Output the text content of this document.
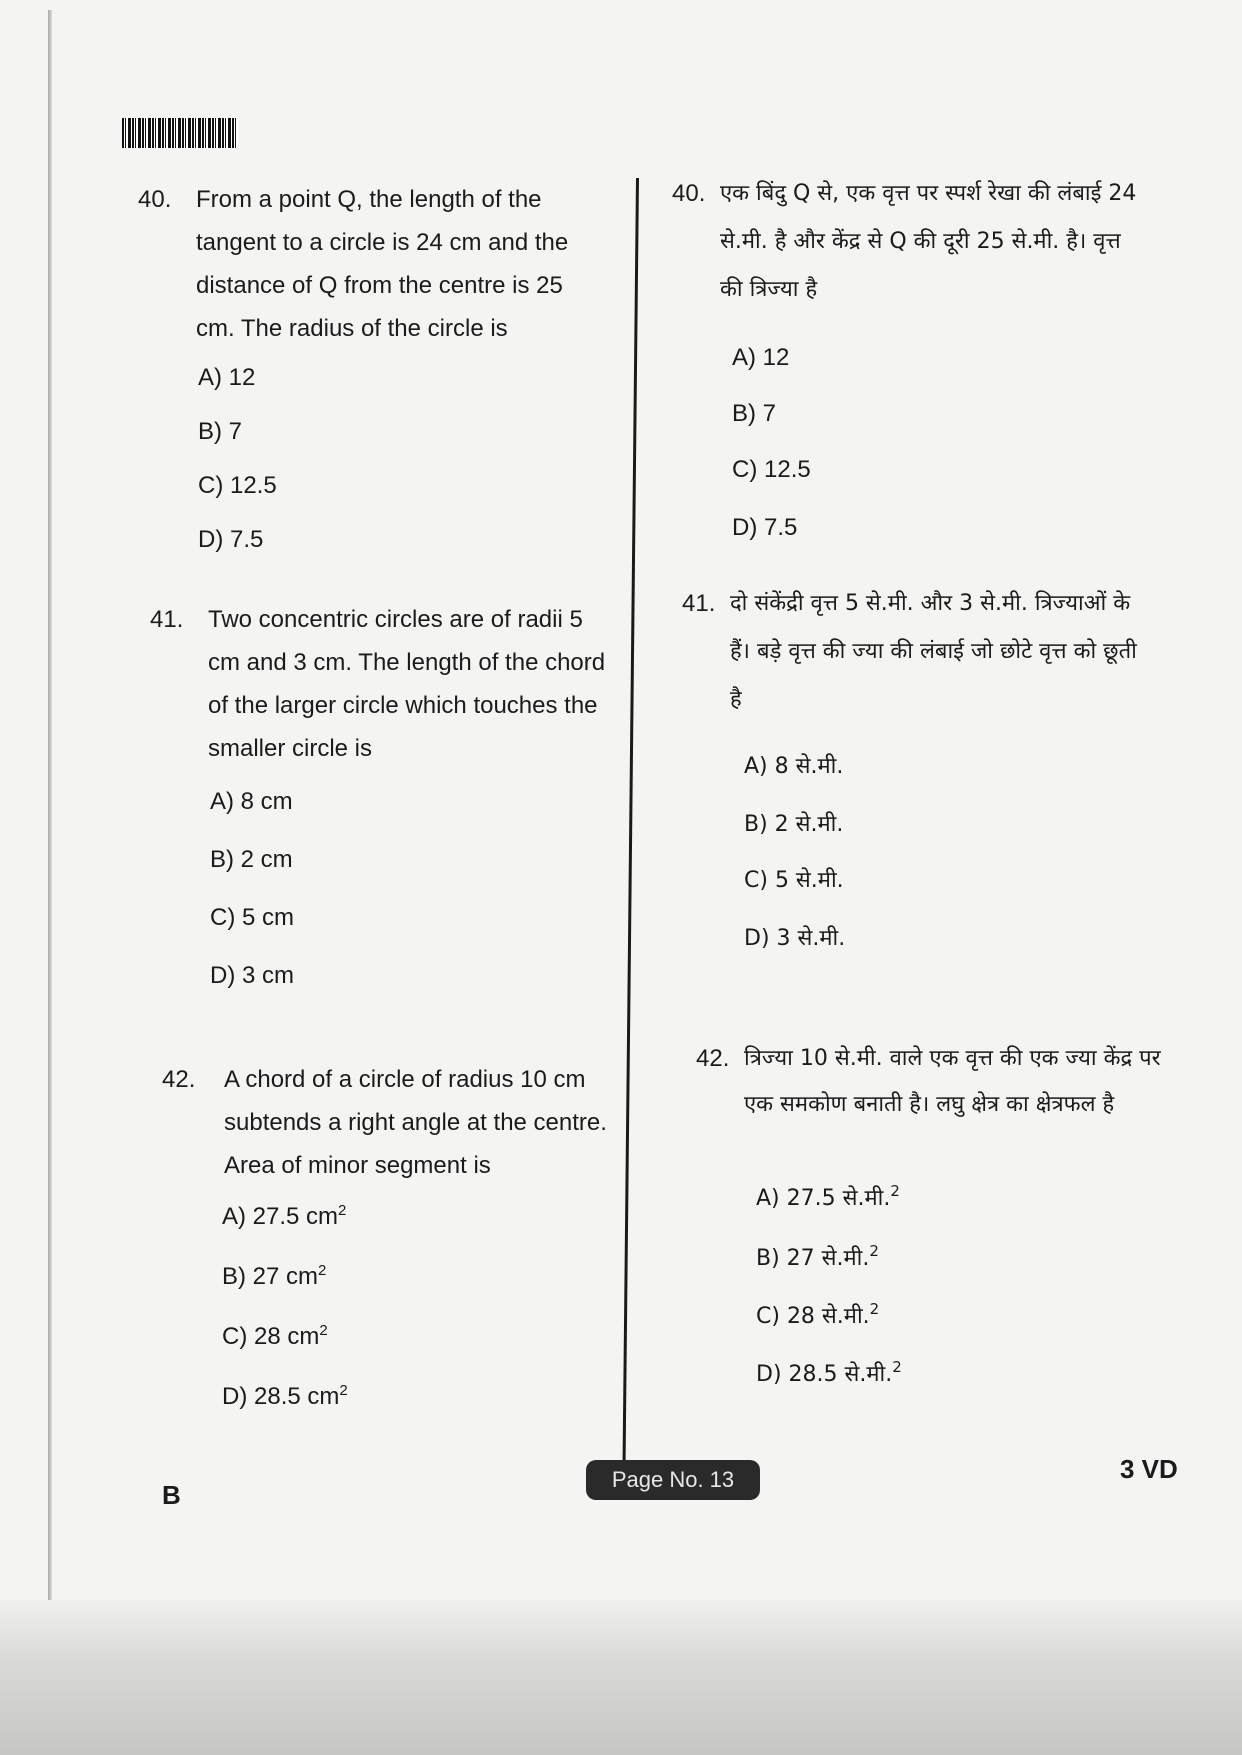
40. From a point Q, the length of the tangent to a circle is 24 cm and the distance of Q from the centre is 25 cm. The radius of the circle is
A) 12
B) 7
C) 12.5
D) 7.5
41. Two concentric circles are of radii 5 cm and 3 cm. The length of the chord of the larger circle which touches the smaller circle is
A) 8 cm
B) 2 cm
C) 5 cm
D) 3 cm
42. A chord of a circle of radius 10 cm subtends a right angle at the centre. Area of minor segment is
A) 27.5 $cm^2$
B) 27 $cm^2$
C) 28 $cm^2$
D) 28.5 $cm^2$
40. एक बिंदु Q से, एक वृत्त पर स्पर्श रेखा की लंबाई 24 से.मी. है और केंद्र से Q की दूरी 25 से.मी. है। वृत्त की त्रिज्या है
A) 12
B) 7
C) 12.5
D) 7.5
41. दो संकेंद्री वृत्त 5 से.मी. और 3 से.मी. त्रिज्याओं के हैं। बड़े वृत्त की ज्या की लंबाई जो छोटे वृत्त को छूती है
A) 8 से.मी.
B) 2 से.मी.
C) 5 से.मी.
D) 3 से.मी.
42. त्रिज्या 10 से.मी. वाले एक वृत्त की एक ज्या केंद्र पर एक समकोण बनाती है। लघु क्षेत्र का क्षेत्रफल है
A) 27.5 से.मी.$^2$
B) 27 से.मी.$^2$
C) 28 से.मी.$^2$
D) 28.5 से.मी.$^2$
B
Page No. 13	3 VD
